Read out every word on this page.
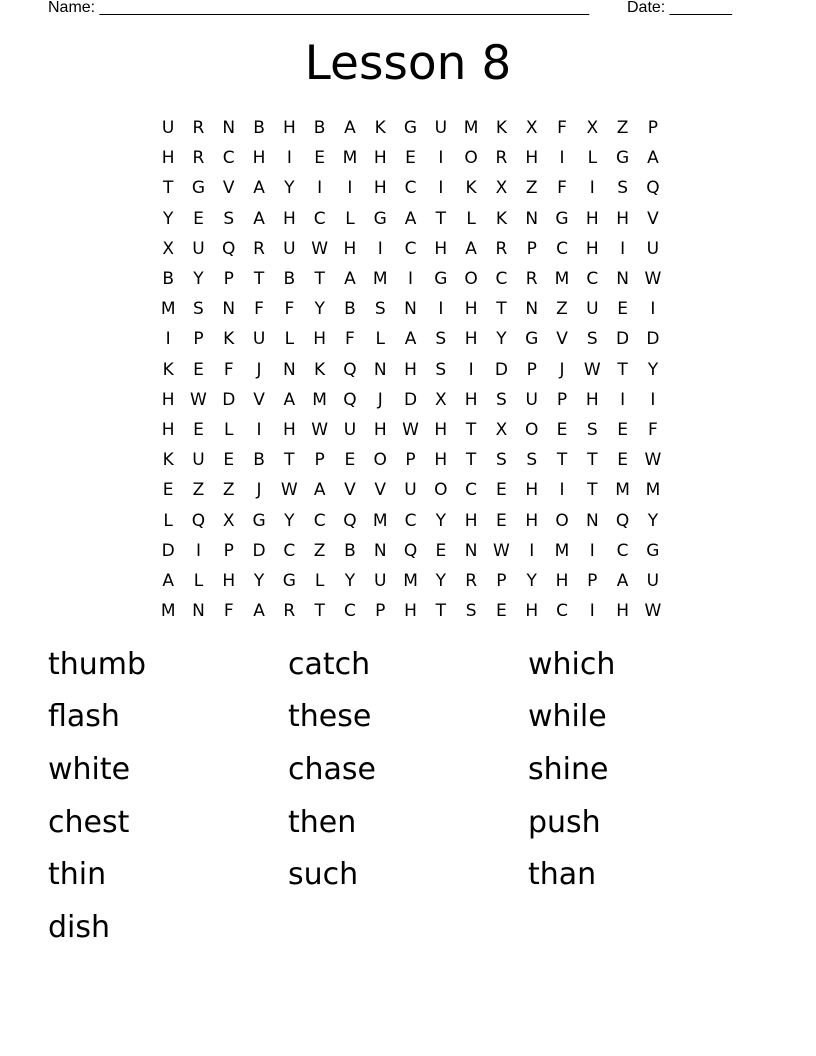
Name: _______________________________________________________ Date: _______
Lesson 8
U	R	N	B	H	B	A	K	G	U M	K	X	F	X	Z	P
H	R	C	H	I	E	M H	E	I	O	R	H	I	L	G	A
T	G	V	A	Y	I	I	H	C	I	K	X	Z	F	I	S	Q
Y	E	S	A	H	C	L	G	A	T	L	K	N	G	H	H	V
X	U	Q	R	U W H	I	C	H	A	R	P	C	H	I	U
B	Y	P	T	B	T	A	M	I	G	O	C	R	M	C	N W
M	S	N	F	F	Y	B	S	N	I	H	T	N	Z	U	E	I
I	P	K	U	L	H	F	L	A	S	H	Y	G	V	S	D	D
K	E	F	J	N	K	Q	N	H	S	I	D	P	J	W T	Y
H W D	V	A	M Q	J	D	X	H	S	U	P	H	I	I
H	E	L	I	H W U	H W H	T	X	O	E	S	E	F
K	U	E	B	T	P	E	O	P	H	T	S	S	T	T	E W
E	Z	Z	J	W A	V	V	U	O	C	E	H	I	T	M M
L	Q	X	G	Y	C	Q M	C	Y	H	E	H	O	N	Q	Y
D	I	P	D	C	Z	B	N	Q	E	N W	I	M	I	C	G
A	L	H	Y	G	L	Y	U M	Y	R	P	Y	H	P	A	U
M N	F	A	R	T	C	P	H	T	S	E	H	C	I	H W
thumb	catch	which
flash	these	while
white	chase	shine
chest	then	push
thin	such	than
dish
